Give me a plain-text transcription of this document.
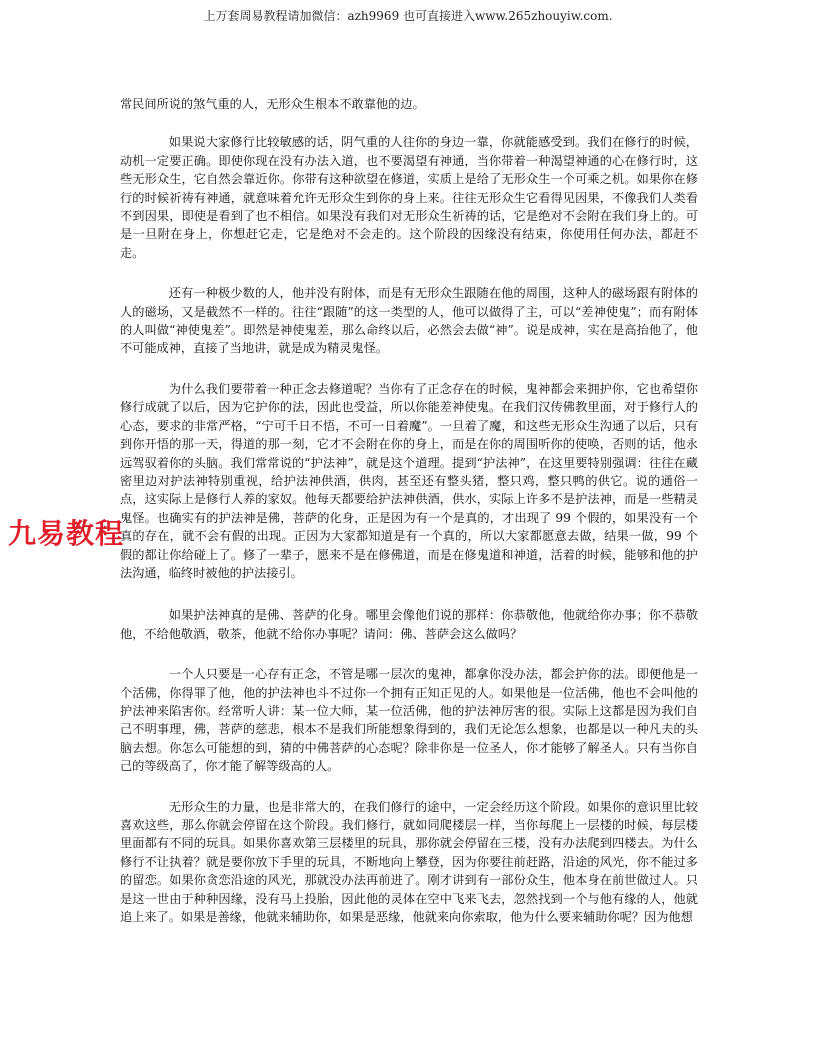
上万套周易教程请加微信：azh9969 也可直接进入www.265zhouyiw.com.

常民间所说的煞气重的人，无形众生根本不敢靠他的边。

如果说大家修行比较敏感的话，阴气重的人往你的身边一靠，你就能感受到。我们在修行的时候，动机一定要正确。即使你现在没有办法入道，也不要渴望有神通，当你带着一种渴望神通的心在修行时，这些无形众生，它自然会靠近你。你带有这种欲望在修道，实质上是给了无形众生一个可乘之机。如果你在修行的时候祈祷有神通，就意味着允许无形众生到你的身上来。往往无形众生它看得见因果，不像我们人类看不到因果，即使是看到了也不相信。如果没有我们对无形众生祈祷的话，它是绝对不会附在我们身上的。可是一旦附在身上，你想赶它走，它是绝对不会走的。这个阶段的因缘没有结束，你使用任何办法，都赶不走。

还有一种极少数的人，他并没有附体，而是有无形众生跟随在他的周围，这种人的磁场跟有附体的人的磁场，又是截然不一样的。往往“跟随”的这一类型的人，他可以做得了主，可以“差神使鬼”；而有附体的人叫做“神使鬼差”。即然是神使鬼差，那么命终以后，必然会去做“神”。说是成神，实在是高抬他了，他不可能成神，直接了当地讲，就是成为精灵鬼怪。

为什么我们要带着一种正念去修道呢？当你有了正念存在的时候，鬼神都会来拥护你，它也希望你修行成就了以后，因为它护你的法，因此也受益，所以你能差神使鬼。在我们汉传佛教里面，对于修行人的心态，要求的非常严格，“宁可千日不悟，不可一日着魔”。一旦着了魔，和这些无形众生沟通了以后，只有到你开悟的那一天，得道的那一刻，它才不会附在你的身上，而是在你的周围听你的使唤，否则的话，他永远驾驭着你的头脑。我们常常说的“护法神”，就是这个道理。提到“护法神”，在这里要特别强调：往往在藏密里边对护法神特别重视，给护法神供酒，供肉，甚至还有整头猪，整只鸡，整只鸭的供它。说的通俗一点，这实际上是修行人养的家奴。他每天都要给护法神供酒，供水，实际上许多不是护法神，而是一些精灵鬼怪。也确实有的护法神是佛，菩萨的化身，正是因为有一个是真的，才出现了 99 个假的，如果没有一个真的存在，就不会有假的出现。正因为大家都知道是有一个真的，所以大家都愿意去做，结果一做，99 个假的都让你给碰上了。修了一辈子，愿来不是在修佛道，而是在修鬼道和神道，活着的时候，能够和他的护法沟通，临终时被他的护法接引。

如果护法神真的是佛、菩萨的化身。哪里会像他们说的那样：你恭敬他，他就给你办事；你不恭敬他，不给他敬酒，敬茶，他就不给你办事呢？请问：佛、菩萨会这么做吗？

一个人只要是一心存有正念，不管是哪一层次的鬼神，都拿你没办法，都会护你的法。即便他是一个活佛，你得罪了他，他的护法神也斗不过你一个拥有正知正见的人。如果他是一位活佛，他也不会叫他的护法神来陷害你。经常听人讲：某一位大师，某一位活佛，他的护法神厉害的很。实际上这都是因为我们自己不明事理，佛，菩萨的慈悲，根本不是我们所能想象得到的，我们无论怎么想象，也都是以一种凡夫的头脑去想。你怎么可能想的到，猜的中佛菩萨的心态呢？除非你是一位圣人，你才能够了解圣人。只有当你自己的等级高了，你才能了解等级高的人。

无形众生的力量，也是非常大的，在我们修行的途中，一定会经历这个阶段。如果你的意识里比较喜欢这些，那么你就会停留在这个阶段。我们修行，就如同爬楼层一样，当你每爬上一层楼的时候，每层楼里面都有不同的玩具。如果你喜欢第三层楼里的玩具，那你就会停留在三楼，没有办法爬到四楼去。为什么修行不让执着？就是要你放下手里的玩具，不断地向上攀登，因为你要往前赶路，沿途的风光，你不能过多的留恋。如果你贪恋沿途的风光，那就没办法再前进了。刚才讲到有一部份众生，他本身在前世做过人。只是这一世由于种种因缘，没有马上投胎，因此他的灵体在空中飞来飞去，忽然找到一个与他有缘的人，他就追上来了。如果是善缘，他就来辅助你，如果是恶缘，他就来向你索取，他为什么要来辅助你呢？因为他想

九易教程
